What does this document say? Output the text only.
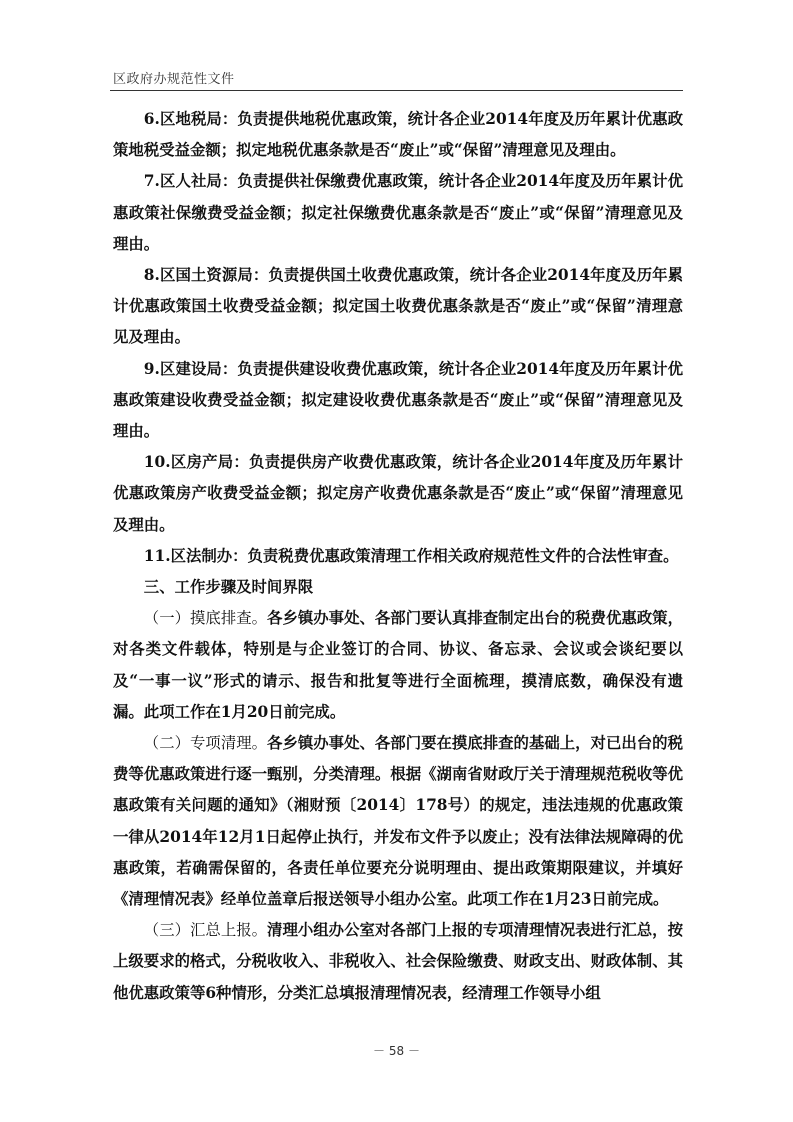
区政府办规范性文件

6.区地税局：负责提供地税优惠政策，统计各企业2014年度及历年累计优惠政策地税受益金额；拟定地税优惠条款是否“废止”或“保留”清理意见及理由。

7.区人社局：负责提供社保缴费优惠政策，统计各企业2014年度及历年累计优惠政策社保缴费受益金额；拟定社保缴费优惠条款是否“废止”或“保留”清理意见及理由。

8.区国土资源局：负责提供国土收费优惠政策，统计各企业2014年度及历年累计优惠政策国土收费受益金额；拟定国土收费优惠条款是否“废止”或“保留”清理意见及理由。

9.区建设局：负责提供建设收费优惠政策，统计各企业2014年度及历年累计优惠政策建设收费受益金额；拟定建设收费优惠条款是否“废止”或“保留”清理意见及理由。

10.区房产局：负责提供房产收费优惠政策，统计各企业2014年度及历年累计优惠政策房产收费受益金额；拟定房产收费优惠条款是否“废止”或“保留”清理意见及理由。

11.区法制办：负责税费优惠政策清理工作相关政府规范性文件的合法性审查。

三、工作步骤及时间界限

（一）摸底排查。各乡镇办事处、各部门要认真排查制定出台的税费优惠政策，对各类文件载体，特别是与企业签订的合同、协议、备忘录、会议或会谈纪要以及“一事一议”形式的请示、报告和批复等进行全面梳理，摸清底数，确保没有遗漏。此项工作在1月20日前完成。

（二）专项清理。各乡镇办事处、各部门要在摸底排查的基础上，对已出台的税费等优惠政策进行逐一甄别，分类清理。根据《湖南省财政厅关于清理规范税收等优惠政策有关问题的通知》（湘财预〔2014〕178号）的规定，违法违规的优惠政策一律从2014年12月1日起停止执行，并发布文件予以废止；没有法律法规障碍的优惠政策，若确需保留的，各责任单位要充分说明理由、提出政策期限建议，并填好《清理情况表》经单位盖章后报送领导小组办公室。此项工作在1月23日前完成。

（三）汇总上报。清理小组办公室对各部门上报的专项清理情况表进行汇总，按上级要求的格式，分税收收入、非税收入、社会保险缴费、财政支出、财政体制、其他优惠政策等6种情形，分类汇总填报清理情况表，经清理工作领导小组

－ 58 －
